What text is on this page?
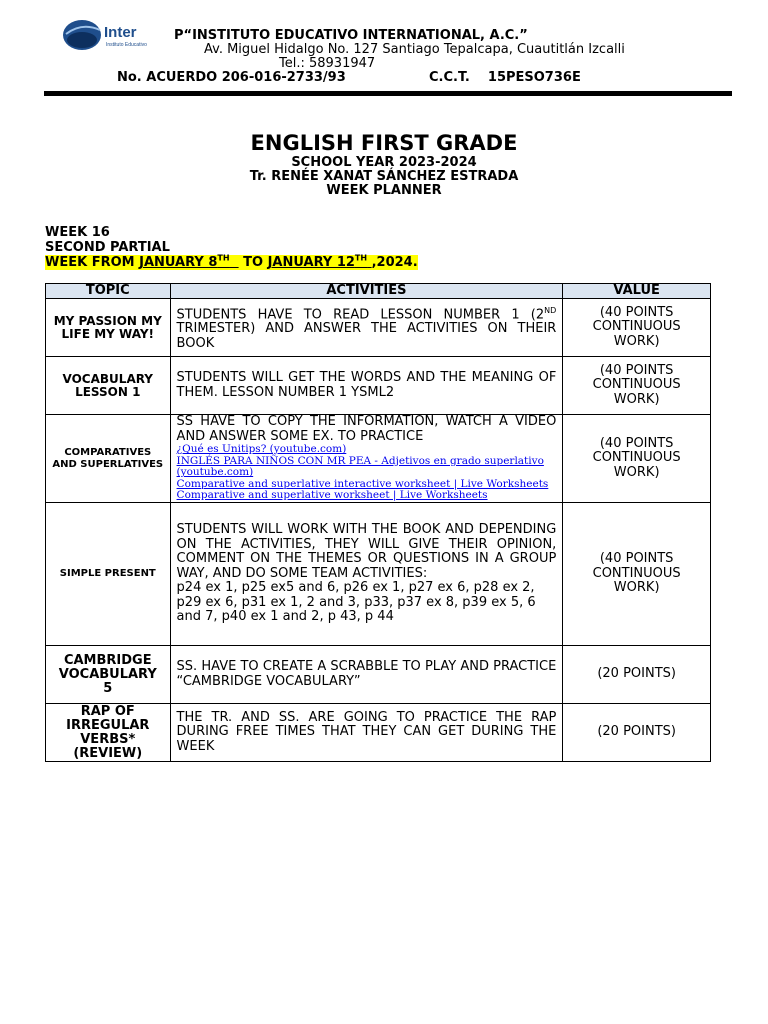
Inter
Instituto Educativo
P“INSTITUTO EDUCATIVO INTERNATIONAL, A.C.”
Av. Miguel Hidalgo No. 127 Santiago Tepalcapa, Cuautitlán Izcalli
Tel.: 58931947
No. ACUERDO 206-016-2733/93	C.C.T.    15PESO736E
ENGLISH FIRST GRADE
SCHOOL YEAR 2023-2024
Tr. RENÉE XANAT SÁNCHEZ ESTRADA
WEEK PLANNER
WEEK 16
SECOND PARTIAL
WEEK FROM JANUARY 8TH TO JANUARY 12TH ,2024.
TOPIC	ACTIVITIES	VALUE
MY PASSION MY LIFE MY WAY!	STUDENTS HAVE TO READ LESSON NUMBER 1 (2ND TRIMESTER) AND ANSWER THE ACTIVITIES ON THEIR BOOK	(40 POINTS CONTINUOUS WORK)
VOCABULARY LESSON 1	STUDENTS WILL GET THE WORDS AND THE MEANING OF THEM. LESSON NUMBER 1 YSML2	(40 POINTS CONTINUOUS WORK)
COMPARATIVES AND SUPERLATIVES	SS HAVE TO COPY THE INFORMATION, WATCH A VIDEO AND ANSWER SOME EX. TO PRACTICE
¿Qué es Unitips? (youtube.com)
INGLÉS PARA NIÑOS CON MR PEA - Adjetivos en grado superlativo (youtube.com)
Comparative and superlative interactive worksheet | Live Worksheets
Comparative and superlative worksheet | Live Worksheets	(40 POINTS CONTINUOUS WORK)
SIMPLE PRESENT	STUDENTS WILL WORK WITH THE BOOK AND DEPENDING ON THE ACTIVITIES, THEY WILL GIVE THEIR OPINION, COMMENT ON THE THEMES OR QUESTIONS IN A GROUP WAY, AND DO SOME TEAM ACTIVITIES:
p24 ex 1, p25 ex5 and 6, p26 ex 1, p27 ex 6, p28 ex 2, p29 ex 6, p31 ex 1, 2 and 3, p33, p37 ex 8, p39 ex 5, 6 and 7, p40 ex 1 and 2, p 43, p 44	(40 POINTS CONTINUOUS WORK)
CAMBRIDGE VOCABULARY 5	SS. HAVE TO CREATE A SCRABBLE TO PLAY AND PRACTICE “CAMBRIDGE VOCABULARY”	(20 POINTS)
RAP OF IRREGULAR VERBS* (REVIEW)	THE TR. AND SS. ARE GOING TO PRACTICE THE RAP DURING FREE TIMES THAT THEY CAN GET DURING THE WEEK	(20 POINTS)
